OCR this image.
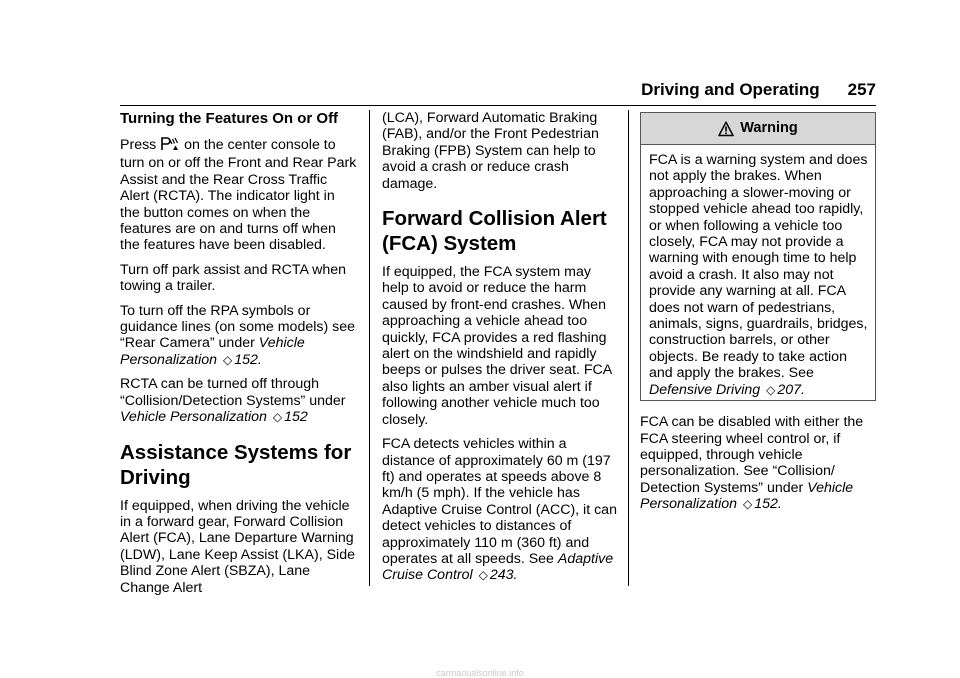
Driving and Operating 257
Turning the Features On or Off

Press on the center console to turn on or off the Front and Rear Park Assist and the Rear Cross Traffic Alert (RCTA). The indicator light in the button comes on when the features are on and turns off when the features have been disabled.

Turn off park assist and RCTA when towing a trailer.

To turn off the RPA symbols or guidance lines (on some models) see “Rear Camera” under Vehicle Personalization ◇ 152.

RCTA can be turned off through “Collision/Detection Systems” under Vehicle Personalization ◇ 152

Assistance Systems for Driving

If equipped, when driving the vehicle in a forward gear, Forward Collision Alert (FCA), Lane Departure Warning (LDW), Lane Keep Assist (LKA), Side Blind Zone Alert (SBZA), Lane Change Alert

(LCA), Forward Automatic Braking (FAB), and/or the Front Pedestrian Braking (FPB) System can help to avoid a crash or reduce crash damage.

Forward Collision Alert (FCA) System

If equipped, the FCA system may help to avoid or reduce the harm caused by front-end crashes. When approaching a vehicle ahead too quickly, FCA provides a red flashing alert on the windshield and rapidly beeps or pulses the driver seat. FCA also lights an amber visual alert if following another vehicle much too closely.

FCA detects vehicles within a distance of approximately 60 m (197 ft) and operates at speeds above 8 km/h (5 mph). If the vehicle has Adaptive Cruise Control (ACC), it can detect vehicles to distances of approximately 110 m (360 ft) and operates at all speeds. See Adaptive Cruise Control ◇ 243.

Warning
FCA is a warning system and does not apply the brakes. When approaching a slower-moving or stopped vehicle ahead too rapidly, or when following a vehicle too closely, FCA may not provide a warning with enough time to help avoid a crash. It also may not provide any warning at all. FCA does not warn of pedestrians, animals, signs, guardrails, bridges, construction barrels, or other objects. Be ready to take action and apply the brakes. See Defensive Driving ◇ 207.

FCA can be disabled with either the FCA steering wheel control or, if equipped, through vehicle personalization. See “Collision/ Detection Systems” under Vehicle Personalization ◇ 152.

carmanualsonline.info
